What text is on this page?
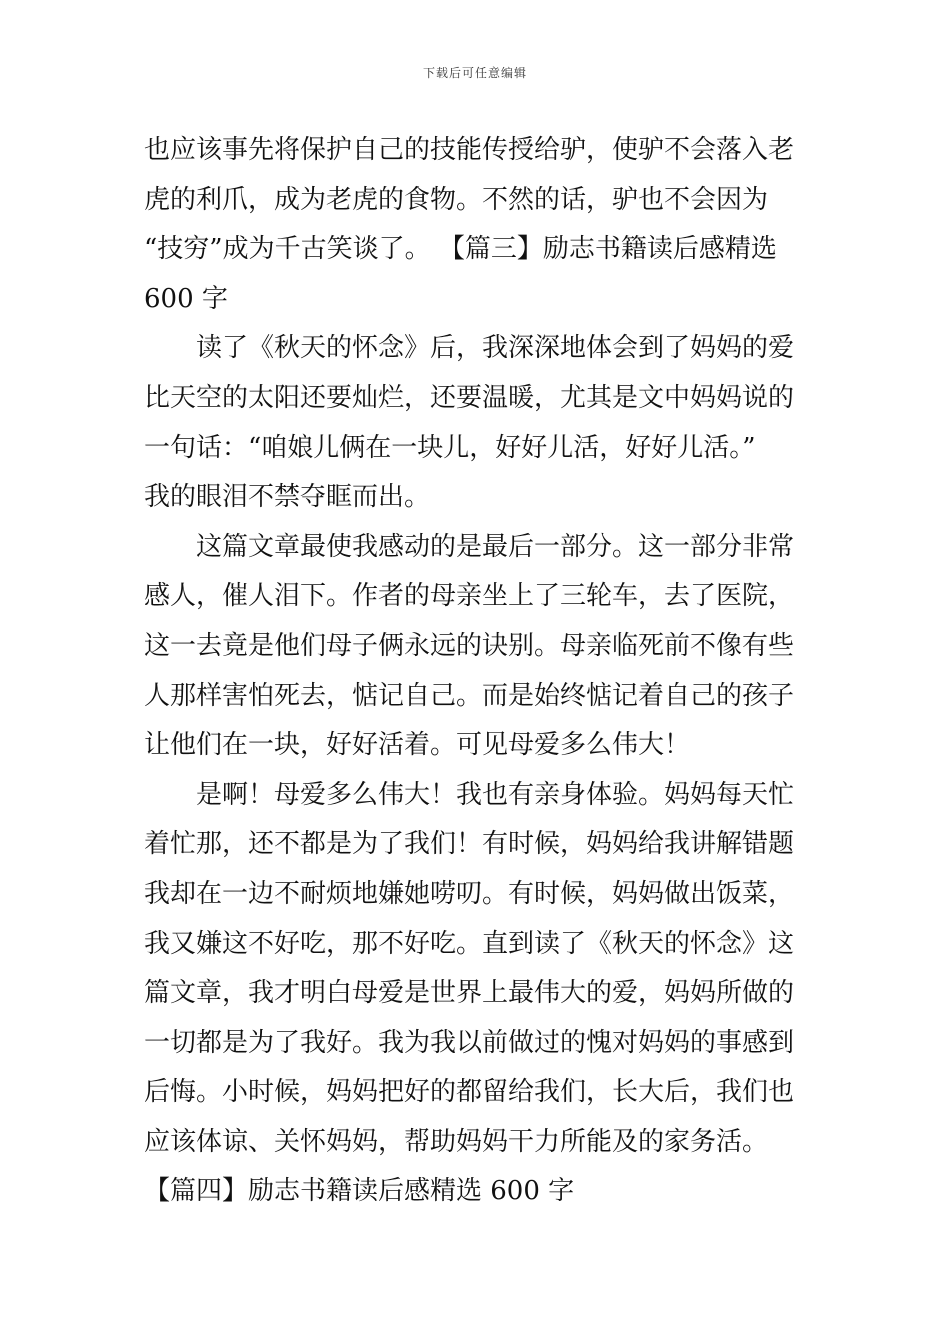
下载后可任意编辑
也应该事先将保护自己的技能传授给驴，使驴不会落入老
虎的利爪，成为老虎的食物。不然的话，驴也不会因为
“技穷”成为千古笑谈了。 【篇三】励志书籍读后感精选
600 字
读了《秋天的怀念》后，我深深地体会到了妈妈的爱
比天空的太阳还要灿烂，还要温暖，尤其是文中妈妈说的
一句话：“咱娘儿俩在一块儿，好好儿活，好好儿活。”
我的眼泪不禁夺眶而出。
这篇文章最使我感动的是最后一部分。这一部分非常
感人，催人泪下。作者的母亲坐上了三轮车，去了医院，
这一去竟是他们母子俩永远的诀别。母亲临死前不像有些
人那样害怕死去，惦记自己。而是始终惦记着自己的孩子
让他们在一块，好好活着。可见母爱多么伟大！
是啊！母爱多么伟大！我也有亲身体验。妈妈每天忙
着忙那，还不都是为了我们！有时候，妈妈给我讲解错题
我却在一边不耐烦地嫌她唠叨。有时候，妈妈做出饭菜，
我又嫌这不好吃，那不好吃。直到读了《秋天的怀念》这
篇文章，我才明白母爱是世界上最伟大的爱，妈妈所做的
一切都是为了我好。我为我以前做过的愧对妈妈的事感到
后悔。小时候，妈妈把好的都留给我们，长大后，我们也
应该体谅、关怀妈妈，帮助妈妈干力所能及的家务活。
【篇四】励志书籍读后感精选 600 字
